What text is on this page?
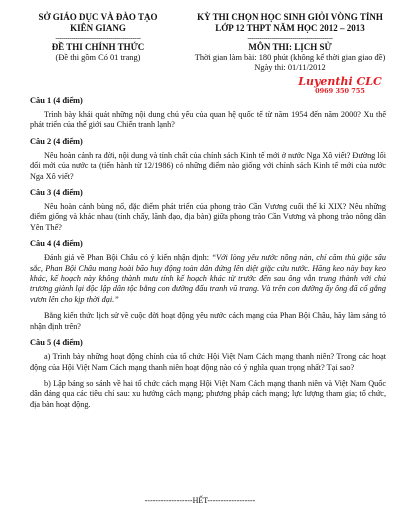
SỞ GIÁO DỤC VÀ ĐÀO TẠO
KIÊN GIANG
------------------------------------------
ĐỀ THI CHÍNH THỨC
(Đề thi gồm Có 01 trang)
KỲ THI CHỌN HỌC SINH GIỎI VÒNG TỈNH
LỚP 12 THPT NĂM HỌC 2012 – 2013
------------------------------------------
MÔN THI: LỊCH SỬ
Thời gian làm bài: 180 phút (không kể thời gian giao đề)
Ngày thi: 01/11/2012
Luyenthi CLC
0969 350 755
Câu 1 (4 điểm)
Trình bày khái quát những nội dung chủ yếu của quan hệ quốc tế từ năm 1954 đến năm 2000? Xu thế phát triển của thế giới sau Chiến tranh lạnh?
Câu 2 (4 điểm)
Nêu hoàn cảnh ra đời, nội dung và tính chất của chính sách Kinh tế mới ở nước Nga Xô viết? Đường lối đổi mới của nước ta (tiến hành từ 12/1986) có những điểm nào giống với chính sách Kinh tế mới của nước Nga Xô viết?
Câu 3 (4 điểm)
Nêu hoàn cảnh bùng nổ, đặc điểm phát triển của phong trào Cần Vương cuối thế kỉ XIX? Nêu những điểm giống và khác nhau (tính chấy, lãnh đạo, địa bàn) giữa phong trào Cần Vương và phong trào nông dân Yên Thế?
Câu 4 (4 điểm)
Đánh giá về Phan Bội Châu có ý kiến nhận định: “Với lòng yêu nước nồng nàn, chí căm thù giặc sâu sắc, Phan Bội Châu mang hoài bão huy động toàn dân đứng lên diệt giặc cứu nước. Hăng keo này bay keo khác, kế hoạch này không thành mưu tính kế hoạch khác từ trước đến sau ông vẫn trung thành với chủ trương giành lại độc lập dân tộc bằng con đường đấu tranh vũ trang. Và trên con đường ấy ông đã cố gắng vươn lên cho kịp thời đại.”
Bằng kiến thức lịch sử về cuộc đời hoạt động yêu nước cách mạng của Phan Bội Châu, hãy làm sáng tỏ nhận định trên?
Câu 5 (4 điểm)
a) Trình bày những hoạt động chính của tổ chức Hội Việt Nam Cách mạng thanh niên? Trong các hoạt động của Hội Việt Nam Cách mạng thanh niên hoạt động nào có ý nghĩa quan trọng nhất? Tại sao?
b) Lập bảng so sánh về hai tổ chức cách mạng Hội Việt Nam Cách mạng thanh niên và Việt Nam Quốc dân đảng qua các tiêu chí sau: xu hướng cách mạng; phương pháp cách mạng; lực lượng tham gia; tổ chức, địa bàn hoạt động.
------------------HẾT------------------
